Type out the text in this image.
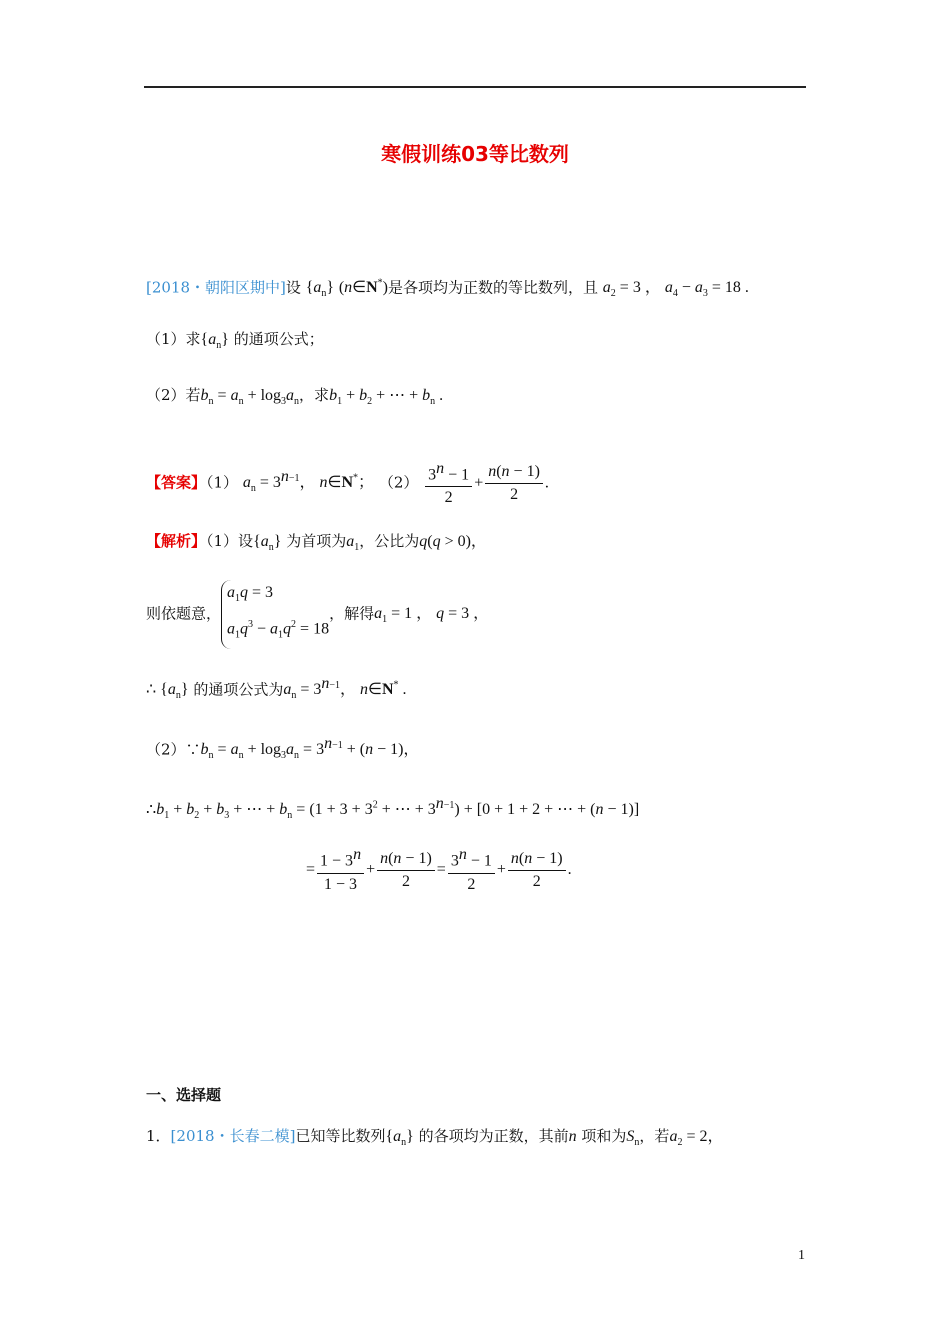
寒假训练03等比数列
[2018・朝阳区期中]设 $\{a_n\}$ (n∈N*)是各项均为正数的等比数列，且 $a_2 = 3$ ， $a_4 - a_3 = 18$ .
（1）求$\{a_n\}$ 的通项公式；
（2）若$b_n = a_n + \log_3a_n$，求$b_1 + b_2$ + ⋯ + $b_n$ .
【答案】（1） $a_n = 3^{n-1}$， n∈N*； $(2) \frac{3^n - 1}{2} + \frac{n(n - 1)}{2}$ .
【解析】（1）设$\{a_n\}$ 为首项为$a_1$，公比为q(q > 0)，
则依题意，
$a_1q = 3$
$a_1q^3 - a_1q^2 = 18$
，解得$a_1 = 1$ ， q = 3 ，
∴ $\{a_n\}$ 的通项公式为$a_n = 3^{n-1}$， n∈N* .
$(2)\because b_n = a_n + \log_3a_n = 3^{n-1} + (n - 1)$，
$\therefore b_1 + b_2 + b_3$ + ⋯ + $b_n = (1 + 3 + 3^2$ + ⋯ + $3^{n-1}) + [0 + 1 + 2$ + ⋯ + (n − 1)]
= $\frac{1 - 3^n}{1 - 3} + \frac{n(n - 1)}{2} = \frac{3^n - 1}{2} + \frac{n(n - 1)}{2}$ .
一、选择题
1．[2018・长春二模]已知等比数列$\{a_n\}$ 的各项均为正数，其前n 项和为$S_n$，若$a_2 = 2$，
1
